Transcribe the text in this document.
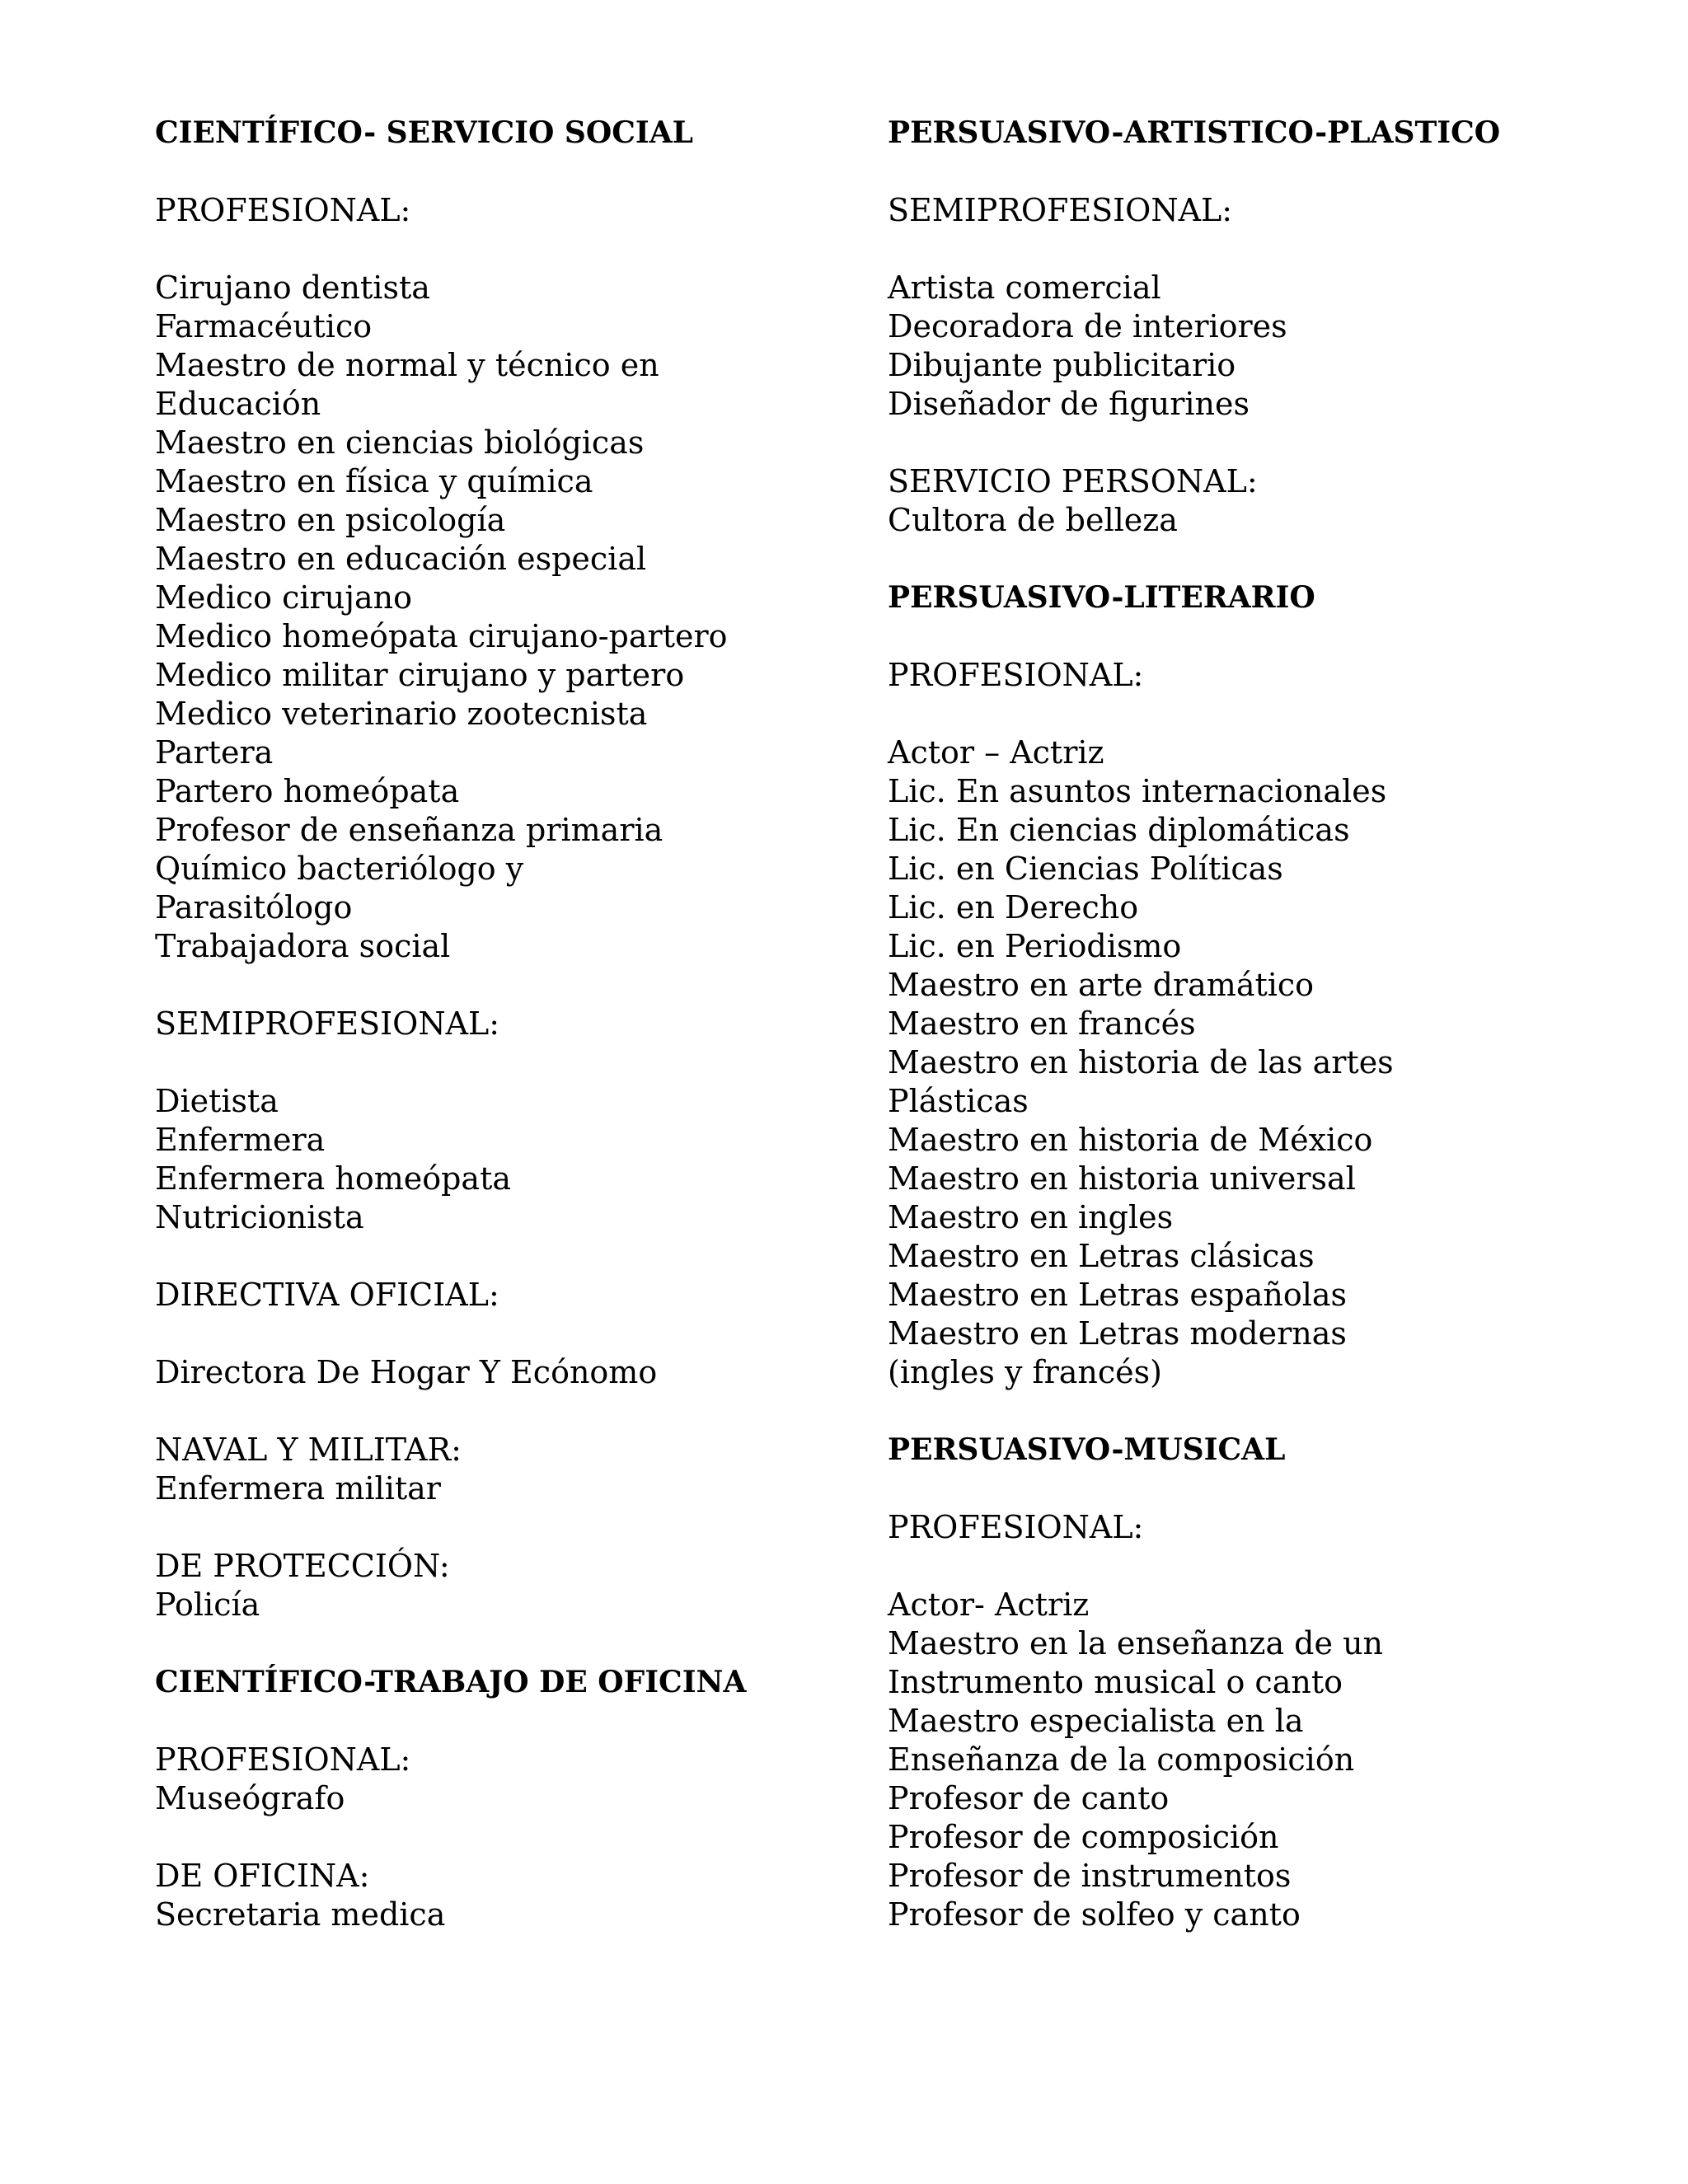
CIENTÍFICO- SERVICIO SOCIAL
PROFESIONAL:
Cirujano dentista
Farmacéutico
Maestro de normal y técnico en
Educación
Maestro en ciencias biológicas
Maestro en física y química
Maestro en psicología
Maestro en educación especial
Medico cirujano
Medico homeópata cirujano-partero
Medico militar cirujano y partero
Medico veterinario zootecnista
Partera
Partero homeópata
Profesor de enseñanza primaria
Químico bacteriólogo y
Parasitólogo
Trabajadora social
SEMIPROFESIONAL:
Dietista
Enfermera
Enfermera homeópata
Nutricionista
DIRECTIVA OFICIAL:
Directora De Hogar Y Ecónomo
NAVAL Y MILITAR:
Enfermera militar
DE PROTECCIÓN:
Policía
CIENTÍFICO-TRABAJO DE OFICINA
PROFESIONAL:
Museógrafo
DE OFICINA:
Secretaria medica
PERSUASIVO-ARTISTICO-PLASTICO
SEMIPROFESIONAL:
Artista comercial
Decoradora de interiores
Dibujante publicitario
Diseñador de figurines
SERVICIO PERSONAL:
Cultora de belleza
PERSUASIVO-LITERARIO
PROFESIONAL:
Actor – Actriz
Lic. En asuntos internacionales
Lic. En ciencias diplomáticas
Lic. en Ciencias Políticas
Lic. en Derecho
Lic. en Periodismo
Maestro en arte dramático
Maestro en francés
Maestro en historia de las artes
Plásticas
Maestro en historia de México
Maestro en historia universal
Maestro en ingles
Maestro en Letras clásicas
Maestro en Letras españolas
Maestro en Letras modernas
(ingles y francés)
PERSUASIVO-MUSICAL
PROFESIONAL:
Actor- Actriz
Maestro en la enseñanza de un
Instrumento musical o canto
Maestro especialista en la
Enseñanza de la composición
Profesor de canto
Profesor de composición
Profesor de instrumentos
Profesor de solfeo y canto
